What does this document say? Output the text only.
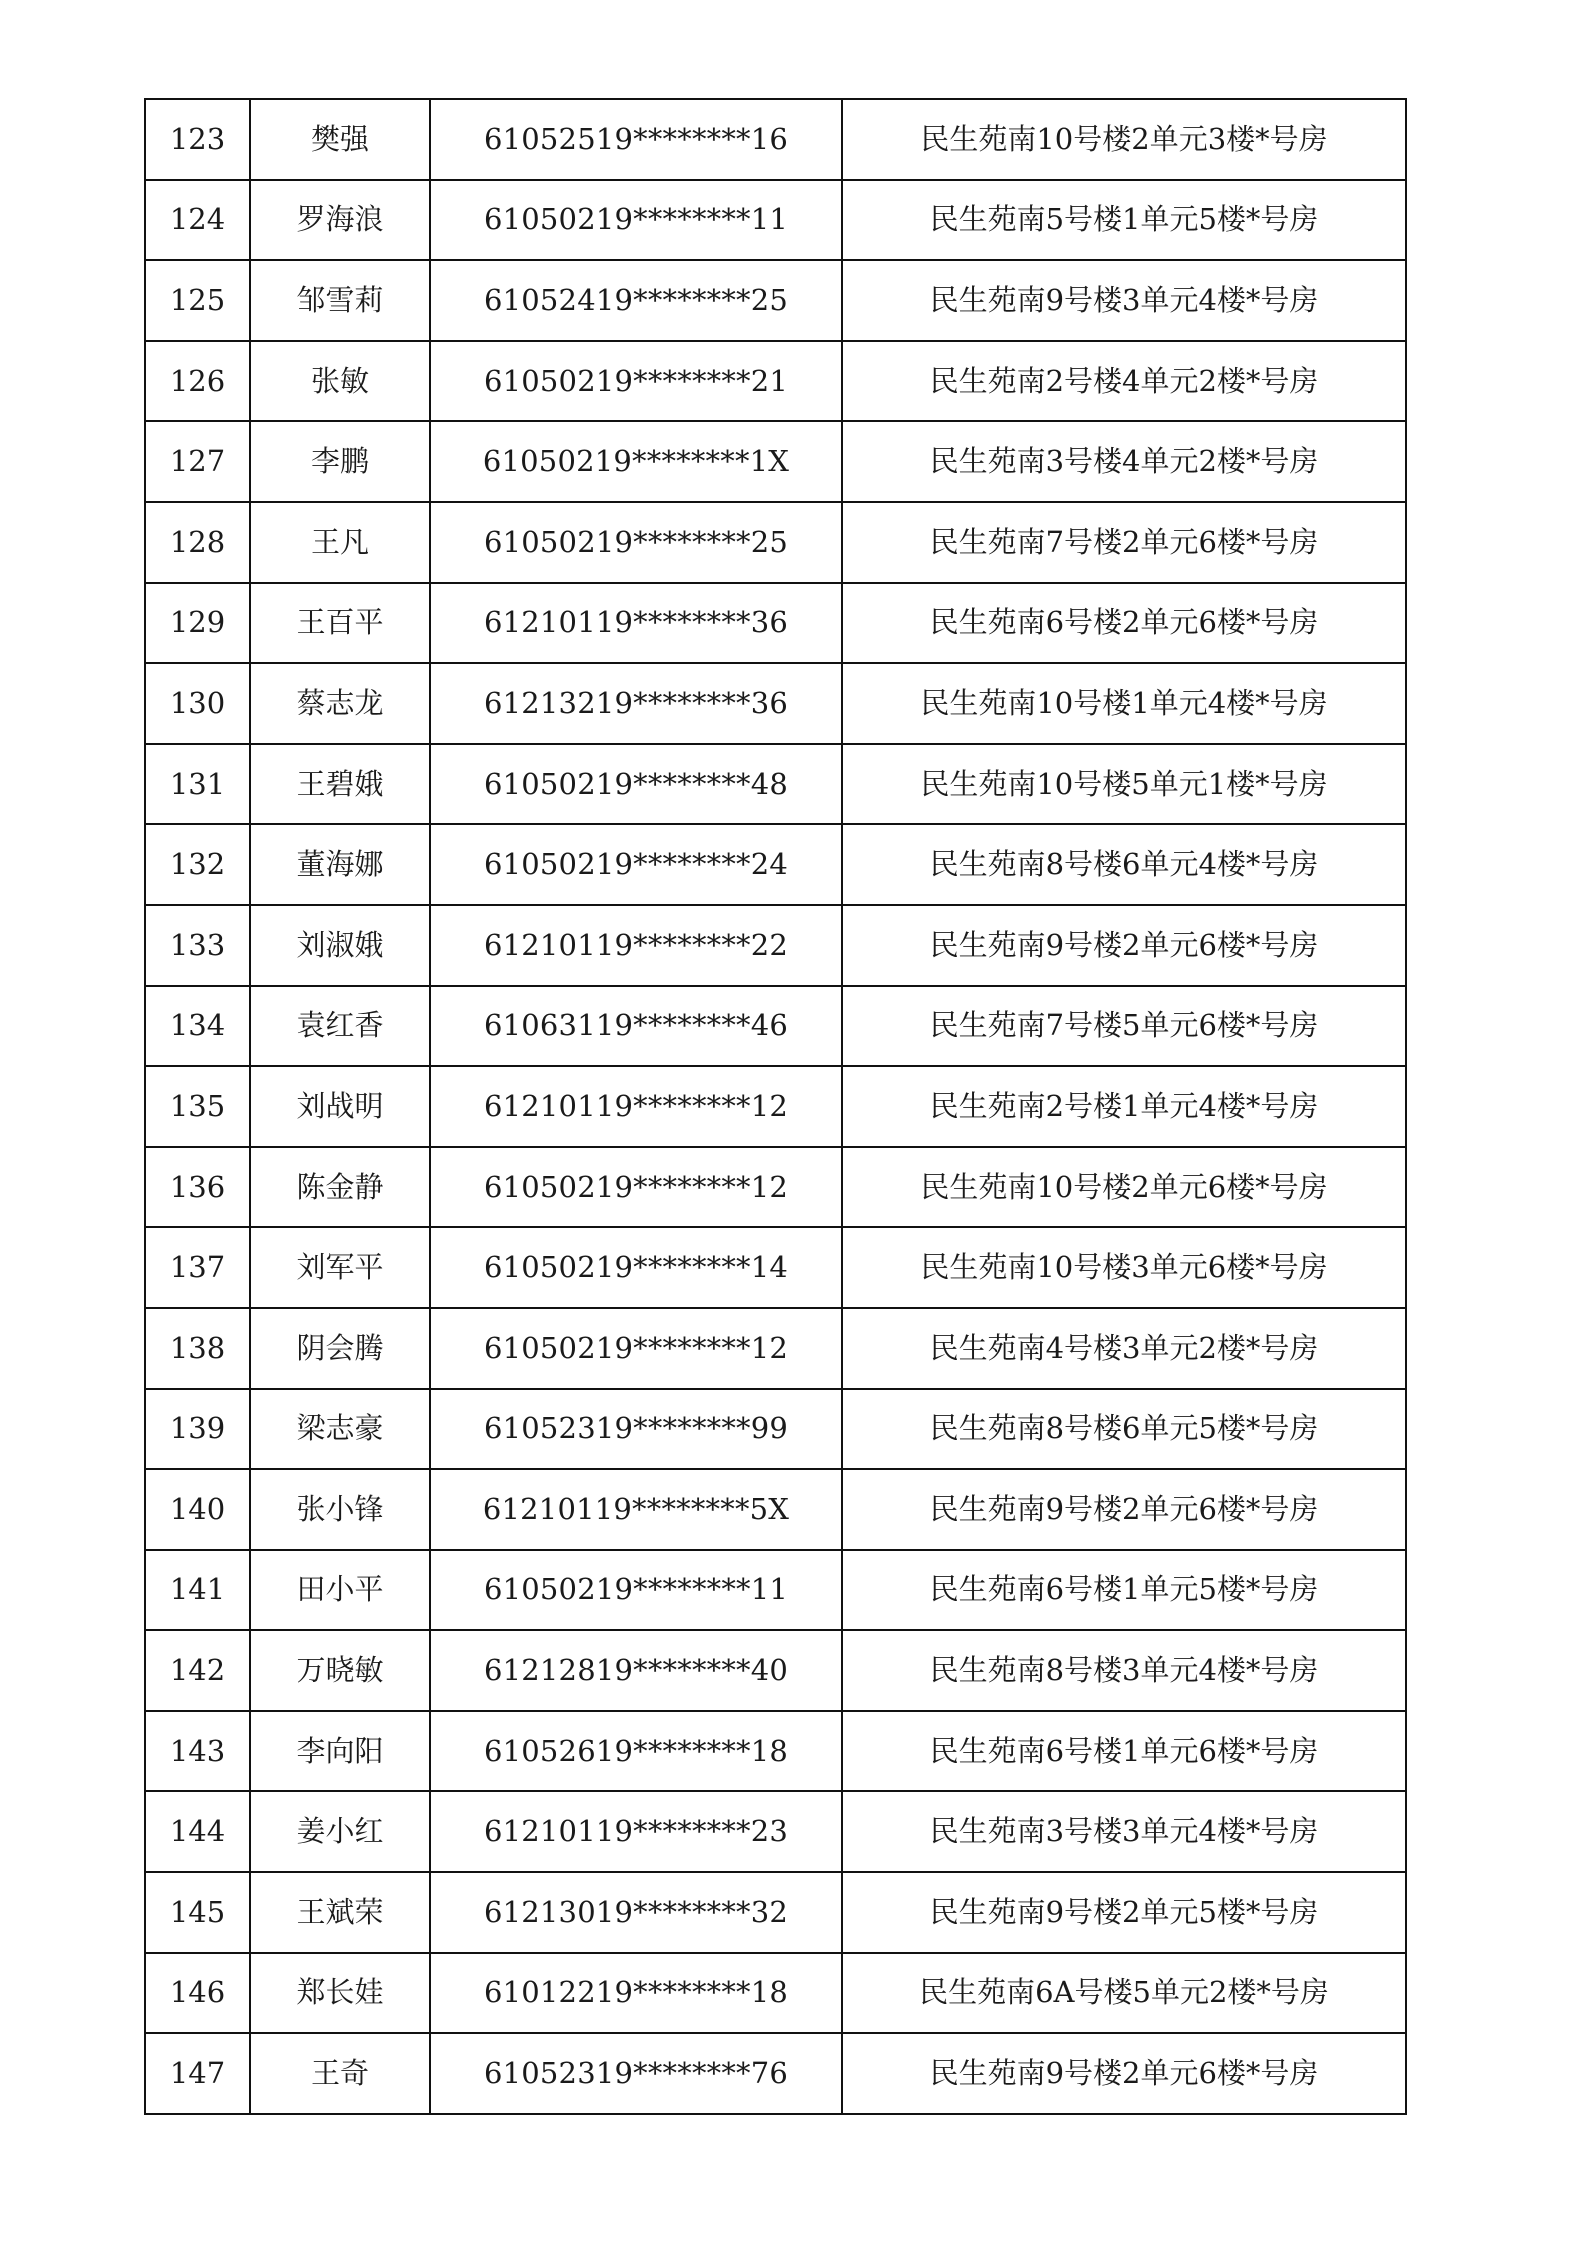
123	樊强	61052519********16	民生苑南10号楼2单元3楼*号房
124	罗海浪	61050219********11	民生苑南5号楼1单元5楼*号房
125	邹雪莉	61052419********25	民生苑南9号楼3单元4楼*号房
126	张敏	61050219********21	民生苑南2号楼4单元2楼*号房
127	李鹏	61050219********1X	民生苑南3号楼4单元2楼*号房
128	王凡	61050219********25	民生苑南7号楼2单元6楼*号房
129	王百平	61210119********36	民生苑南6号楼2单元6楼*号房
130	蔡志龙	61213219********36	民生苑南10号楼1单元4楼*号房
131	王碧娥	61050219********48	民生苑南10号楼5单元1楼*号房
132	董海娜	61050219********24	民生苑南8号楼6单元4楼*号房
133	刘淑娥	61210119********22	民生苑南9号楼2单元6楼*号房
134	袁红香	61063119********46	民生苑南7号楼5单元6楼*号房
135	刘战明	61210119********12	民生苑南2号楼1单元4楼*号房
136	陈金静	61050219********12	民生苑南10号楼2单元6楼*号房
137	刘军平	61050219********14	民生苑南10号楼3单元6楼*号房
138	阴会腾	61050219********12	民生苑南4号楼3单元2楼*号房
139	梁志豪	61052319********99	民生苑南8号楼6单元5楼*号房
140	张小锋	61210119********5X	民生苑南9号楼2单元6楼*号房
141	田小平	61050219********11	民生苑南6号楼1单元5楼*号房
142	万晓敏	61212819********40	民生苑南8号楼3单元4楼*号房
143	李向阳	61052619********18	民生苑南6号楼1单元6楼*号房
144	姜小红	61210119********23	民生苑南3号楼3单元4楼*号房
145	王斌荣	61213019********32	民生苑南9号楼2单元5楼*号房
146	郑长娃	61012219********18	民生苑南6A号楼5单元2楼*号房
147	王奇	61052319********76	民生苑南9号楼2单元6楼*号房
